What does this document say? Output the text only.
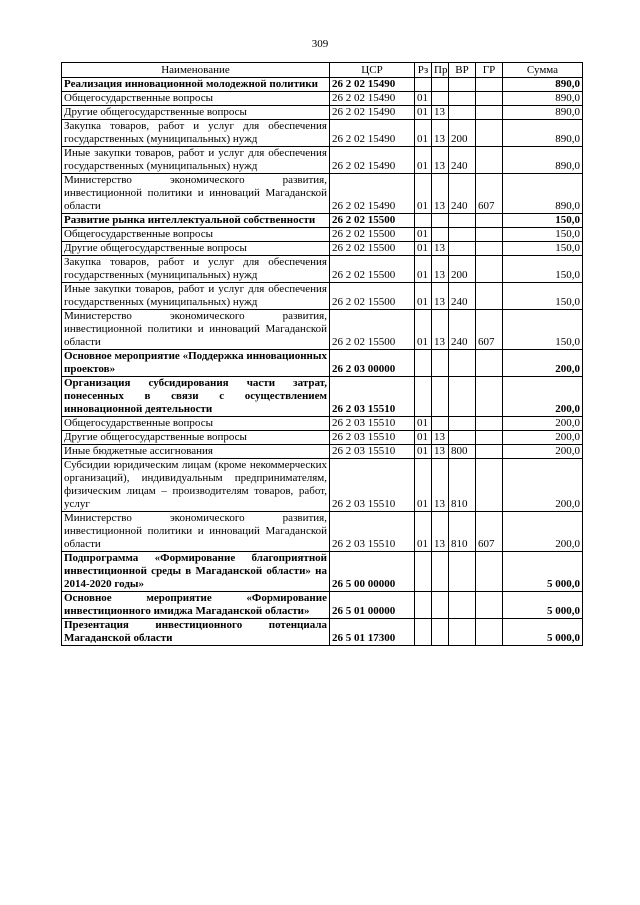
309
Наименование	ЦСР	Рз	Пр	ВР	ГР	Сумма
Реализация инновационной молодежной политики	26 2 02 15490					890,0
Общегосударственные вопросы	26 2 02 15490	01				890,0
Другие общегосударственные вопросы	26 2 02 15490	01	13			890,0
Закупка товаров, работ и услуг для обеспечения государственных (муниципальных) нужд	26 2 02 15490	01	13	200		890,0
Иные закупки товаров, работ и услуг для обеспечения государственных (муниципальных) нужд	26 2 02 15490	01	13	240		890,0
Министерство экономического развития, инвестиционной политики и инноваций Магаданской области	26 2 02 15490	01	13	240	607	890,0
Развитие рынка интеллектуальной собственности	26 2 02 15500					150,0
Общегосударственные вопросы	26 2 02 15500	01				150,0
Другие общегосударственные вопросы	26 2 02 15500	01	13			150,0
Закупка товаров, работ и услуг для обеспечения государственных (муниципальных) нужд	26 2 02 15500	01	13	200		150,0
Иные закупки товаров, работ и услуг для обеспечения государственных (муниципальных) нужд	26 2 02 15500	01	13	240		150,0
Министерство экономического развития, инвестиционной политики и инноваций Магаданской области	26 2 02 15500	01	13	240	607	150,0
Основное мероприятие «Поддержка инновационных проектов»	26 2 03 00000					200,0
Организация субсидирования части затрат, понесенных в связи с осуществлением инновационной деятельности	26 2 03 15510					200,0
Общегосударственные вопросы	26 2 03 15510	01				200,0
Другие общегосударственные вопросы	26 2 03 15510	01	13			200,0
Иные бюджетные ассигнования	26 2 03 15510	01	13	800		200,0
Субсидии юридическим лицам (кроме некоммерческих организаций), индивидуальным предпринимателям, физическим лицам – производителям товаров, работ, услуг	26 2 03 15510	01	13	810		200,0
Министерство экономического развития, инвестиционной политики и инноваций Магаданской области	26 2 03 15510	01	13	810	607	200,0
Подпрограмма «Формирование благоприятной инвестиционной среды в Магаданской области» на 2014-2020 годы»	26 5 00 00000					5 000,0
Основное мероприятие «Формирование инвестиционного имиджа Магаданской области»	26 5 01 00000					5 000,0
Презентация инвестиционного потенциала Магаданской области	26 5 01 17300					5 000,0
